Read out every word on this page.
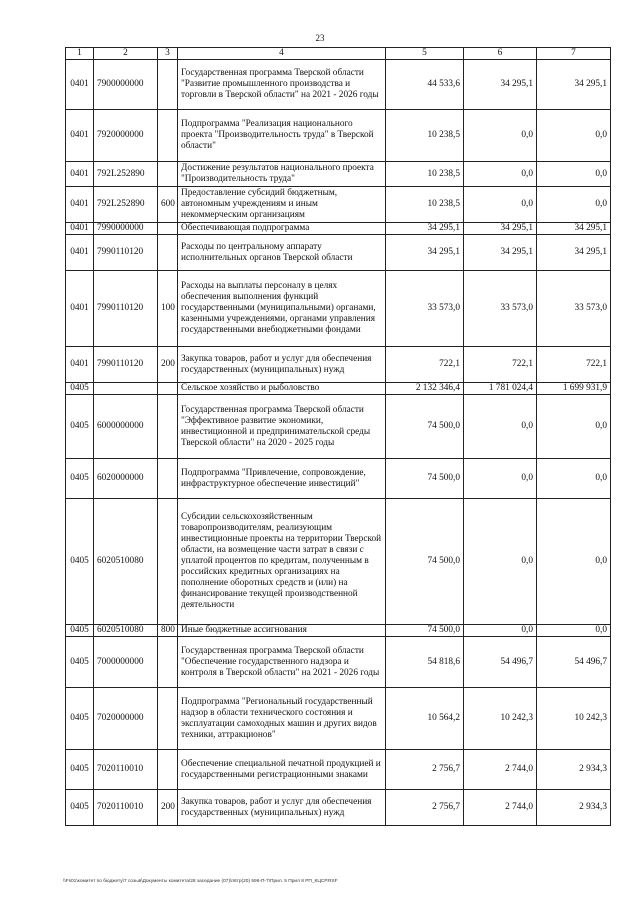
23
1	2	3	4	5	6	7
0401	7900000000		Государственная программа Тверской области "Развитие промышленного производства и торговли в Тверской области" на 2021 - 2026 годы	44 533,6	34 295,1	34 295,1
0401	7920000000		Подпрограмма "Реализация национального проекта "Производительность труда" в Тверской области"	10 238,5	0,0	0,0
0401	792L252890		Достижение результатов национального проекта "Производительность труда"	10 238,5	0,0	0,0
0401	792L252890	600	Предоставление субсидий бюджетным, автономным учреждениям и иным некоммерческим организациям	10 238,5	0,0	0,0
0401	7990000000		Обеспечивающая подпрограмма	34 295,1	34 295,1	34 295,1
0401	7990110120		Расходы по центральному аппарату исполнительных органов Тверской области	34 295,1	34 295,1	34 295,1
0401	7990110120	100	Расходы на выплаты персоналу в целях обеспечения выполнения функций государственными (муниципальными) органами, казенными учреждениями, органами управления государственными внебюджетными фондами	33 573,0	33 573,0	33 573,0
0401	7990110120	200	Закупка товаров, работ и услуг для обеспечения государственных (муниципальных) нужд	722,1	722,1	722,1
0405			Сельское хозяйство и рыболовство	2 132 346,4	1 781 024,4	1 699 931,9
0405	6000000000		Государственная программа Тверской области "Эффективное развитие экономики, инвестиционной и предпринимательской среды Тверской области" на 2020 - 2025 годы	74 500,0	0,0	0,0
0405	6020000000		Подпрограмма "Привлечение, сопровождение, инфраструктурное обеспечение инвестиций"	74 500,0	0,0	0,0
0405	6020510080		Субсидии сельскохозяйственным товаропроизводителям, реализующим инвестиционные проекты на территории Тверской области, на возмещение части затрат в связи с уплатой процентов по кредитам, полученным в российских кредитных организациях на пополнение оборотных средств и (или) на финансирование текущей производственной деятельности	74 500,0	0,0	0,0
0405	6020510080	800	Иные бюджетные ассигнования	74 500,0	0,0	0,0
0405	7000000000		Государственная программа Тверской области "Обеспечение государственного надзора и контроля в Тверской области" на 2021 - 2026 годы	54 818,6	54 496,7	54 496,7
0405	7020000000		Подпрограмма "Региональный государственный надзор в области технического состояния и эксплуатации самоходных машин и других видов техники, аттракционов"	10 564,2	10 242,3	10 242,3
0405	7020110010		Обеспечение специальной печатной продукцией и государственными регистрационными знаками	2 756,7	2 744,0	2 934,3
0405	7020110010	200	Закупка товаров, работ и услуг для обеспечения государственных (муниципальных) нужд	2 756,7	2 744,0	2 934,3
\\Fs01\комитет по бюджету\7 созыв\Документы комитета\28 заседание (07)\п6тр(20) 596-П-7\Прил. 5 Прил 8 РП_КЦСР.RSF
